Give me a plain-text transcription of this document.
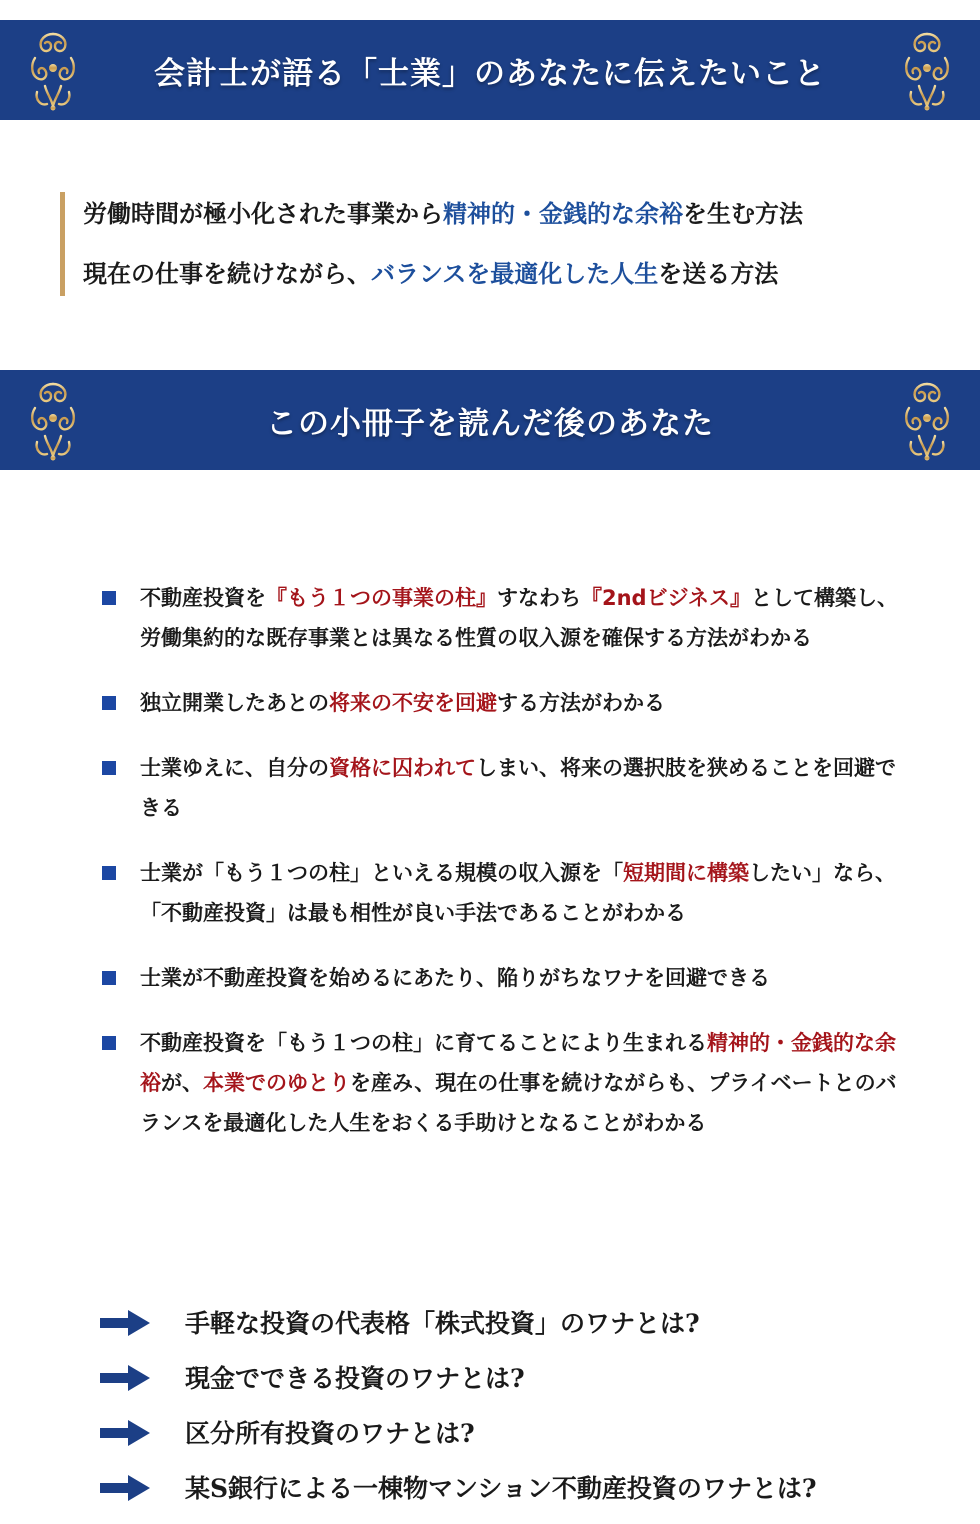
会計士が語る「士業」のあなたに伝えたいこと

労働時間が極小化された事業から精神的・金銭的な余裕を生む方法

現在の仕事を続けながら、バランスを最適化した人生を送る方法

この小冊子を読んだ後のあなた

不動産投資を『もう１つの事業の柱』すなわち『2ndビジネス』として構築し、労働集約的な既存事業とは異なる性質の収入源を確保する方法がわかる

独立開業したあとの将来の不安を回避する方法がわかる

士業ゆえに、自分の資格に囚われてしまい、将来の選択肢を狭めることを回避できる

士業が「もう１つの柱」といえる規模の収入源を「短期間に構築したい」なら、「不動産投資」は最も相性が良い手法であることがわかる

士業が不動産投資を始めるにあたり、陥りがちなワナを回避できる

不動産投資を「もう１つの柱」に育てることにより生まれる精神的・金銭的な余裕が、本業でのゆとりを産み、現在の仕事を続けながらも、プライベートとのバランスを最適化した人生をおくる手助けとなることがわかる

手軽な投資の代表格「株式投資」のワナとは?
現金でできる投資のワナとは?
区分所有投資のワナとは?
某S銀行による一棟物マンション不動産投資のワナとは?
